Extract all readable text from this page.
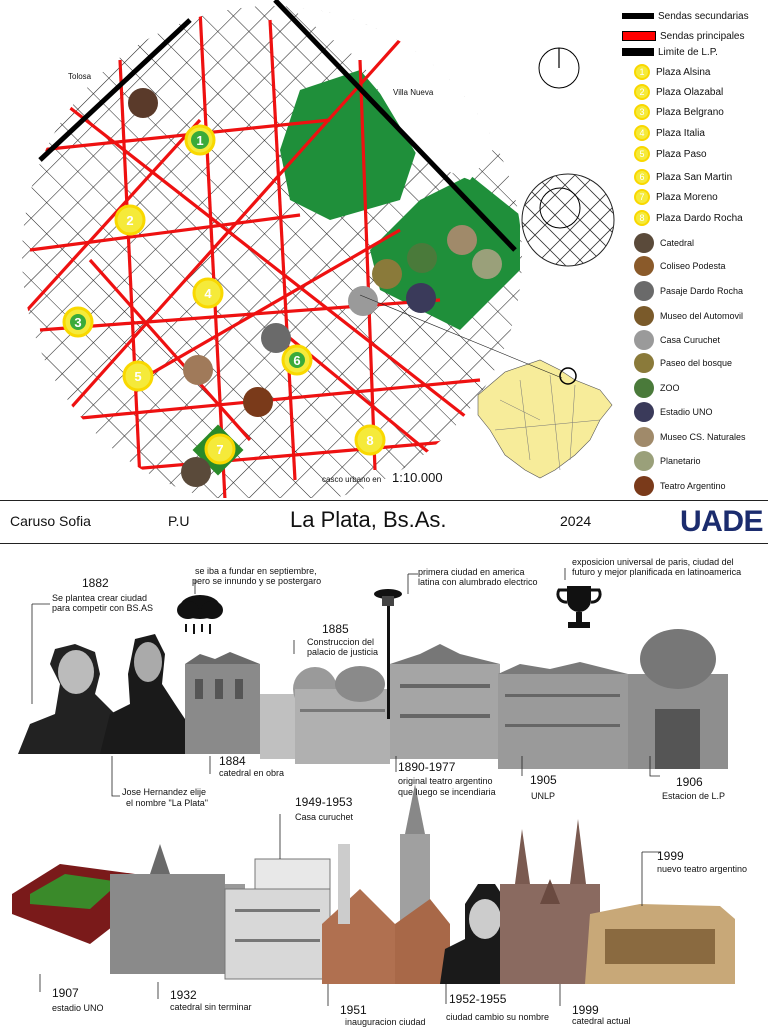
1
2
3
4
5
6
7
8
Tolosa
Villa Nueva
casco urbano en 1:10.000
Sendas secundarias
Sendas principales
Limite de L.P.
1	Plaza Alsina
2	Plaza Olazabal
3	Plaza Belgrano
4	Plaza Italia
5	Plaza Paso
6	Plaza San Martin
7	Plaza Moreno
8	Plaza Dardo Rocha
Catedral
Coliseo Podesta
Pasaje Dardo Rocha
Museo del Automovil
Casa Curuchet
Paseo del bosque
ZOO
Estadio UNO
Museo CS. Naturales
Planetario
Teatro Argentino
Caruso Sofia	P.U	La Plata, Bs.As.	2024	UADE
1882
Se plantea crear ciudad
para competir con BS.AS
se iba a fundar en septiembre,
pero se innundo y se postergaro
Jose Hernandez elije
el nombre "La Plata"
1884
catedral en obra
1885
Construccion del
palacio de justicia
primera ciudad en america
latina con alumbrado electrico
1890-1977
original teatro argentino
que luego se incendiaria
exposicion universal de paris, ciudad del
futuro y mejor planificada en latinoamerica
1905
UNLP
1906
Estacion de L.P
1949-1953
Casa curuchet
1907
estadio UNO
1932
catedral sin terminar	1951
inauguracion ciudad
1952-1955
ciudad cambio su nombre 1999
catedral actual
1999
nuevo teatro argentino
